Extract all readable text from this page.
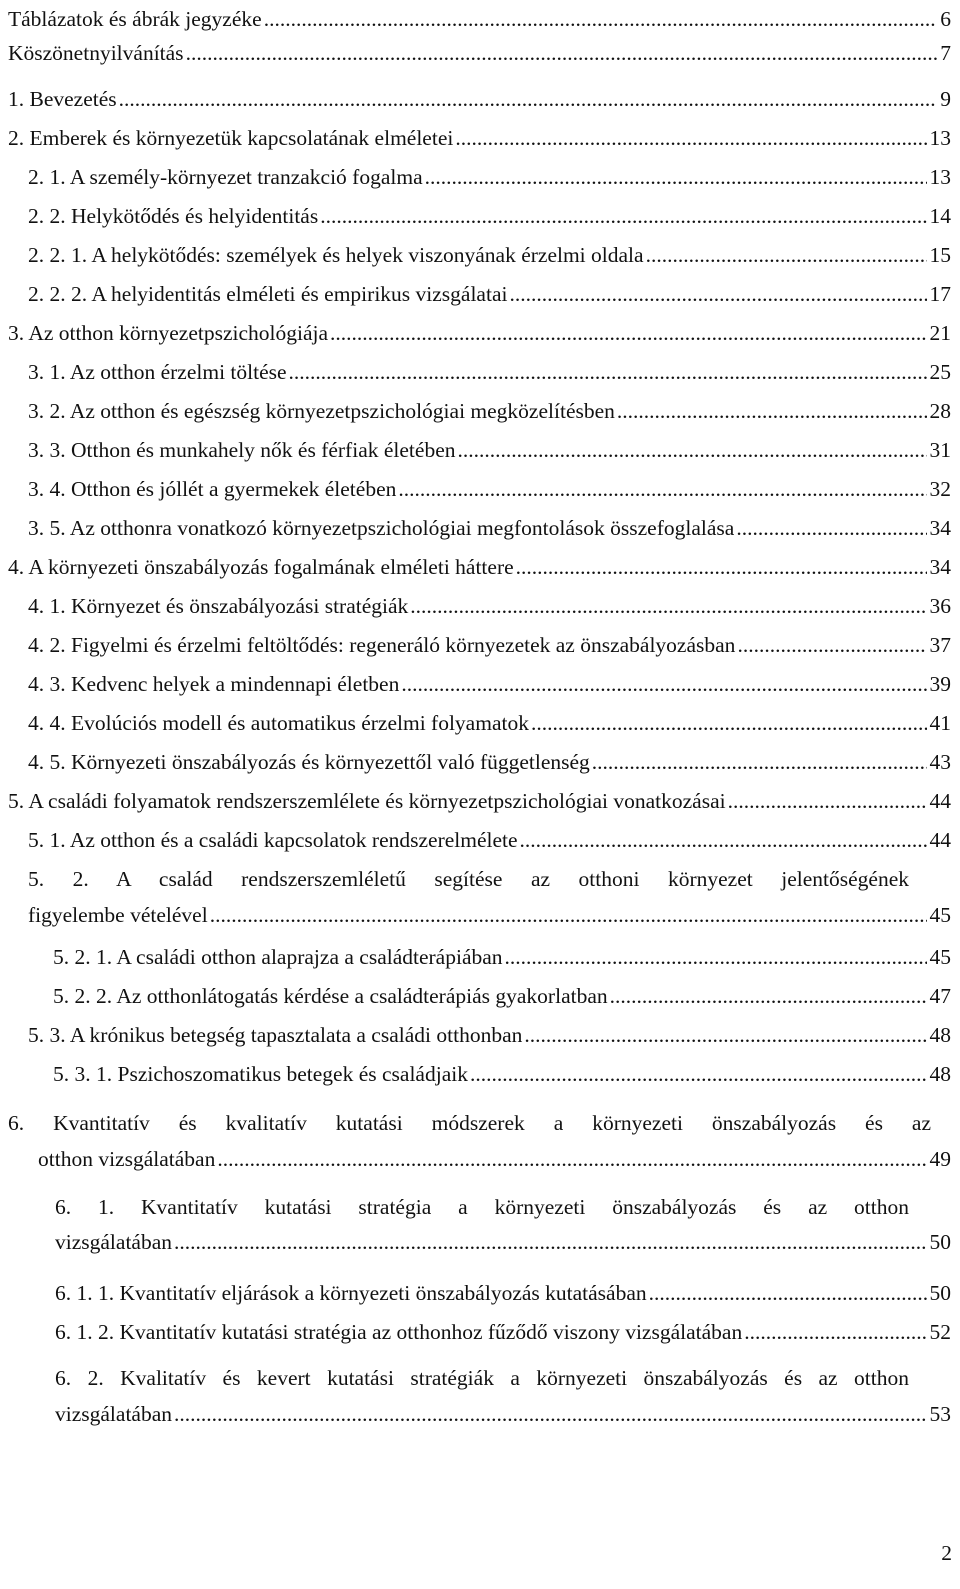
Táblázatok és ábrák jegyzéke .....	6
Köszönetnyilvánítás .....	7
1. Bevezetés .....	9
2. Emberek és környezetük kapcsolatának elméletei .....	13
2. 1. A személy-környezet tranzakció fogalma .....	13
2. 2. Helykötődés és helyidentitás .....	14
2. 2. 1. A helykötődés: személyek és helyek viszonyának érzelmi oldala .....	15
2. 2. 2. A helyidentitás elméleti és empirikus vizsgálatai .....	17
3. Az otthon környezetpszichológiája .....	21
3. 1. Az otthon érzelmi töltése .....	25
3. 2. Az otthon és egészség környezetpszichológiai megközelítésben .....	28
3. 3. Otthon és munkahely nők és férfiak életében .....	31
3. 4. Otthon és jóllét a gyermekek életében .....	32
3. 5. Az otthonra vonatkozó környezetpszichológiai megfontolások összefoglalása .....	34
4. A környezeti önszabályozás fogalmának elméleti háttere .....	34
4. 1. Környezet és önszabályozási stratégiák .....	36
4. 2. Figyelmi és érzelmi feltöltődés: regeneráló környezetek az önszabályozásban .....	37
4. 3. Kedvenc helyek a mindennapi életben .....	39
4. 4. Evolúciós modell és automatikus érzelmi folyamatok .....	41
4. 5. Környezeti önszabályozás és környezettől való függetlenség .....	43
5. A családi folyamatok rendszerszemlélete és környezetpszichológiai vonatkozásai .....	44
5. 1. Az otthon és a családi kapcsolatok rendszerelmélete .....	44
5. 2. A család rendszerszemléletű segítése az otthoni környezet jelentőségének
figyelembe vételével .....	45
5. 2. 1. A családi otthon alaprajza a családterápiában .....	45
5. 2. 2. Az otthonlátogatás kérdése a családterápiás gyakorlatban .....	47
5. 3. A krónikus betegség tapasztalata a családi otthonban .....	48
5. 3. 1. Pszichoszomatikus betegek és családjaik .....	48
6. Kvantitatív és kvalitatív kutatási módszerek a környezeti önszabályozás és az
otthon vizsgálatában .....	49
6. 1. Kvantitatív kutatási stratégia a környezeti önszabályozás és az otthon
vizsgálatában .....	50
6. 1. 1. Kvantitatív eljárások a környezeti önszabályozás kutatásában .....	50
6. 1. 2. Kvantitatív kutatási stratégia az otthonhoz fűződő viszony vizsgálatában .....	52
6. 2. Kvalitatív és kevert kutatási stratégiák a környezeti önszabályozás és az otthon
vizsgálatában .....	53
2
